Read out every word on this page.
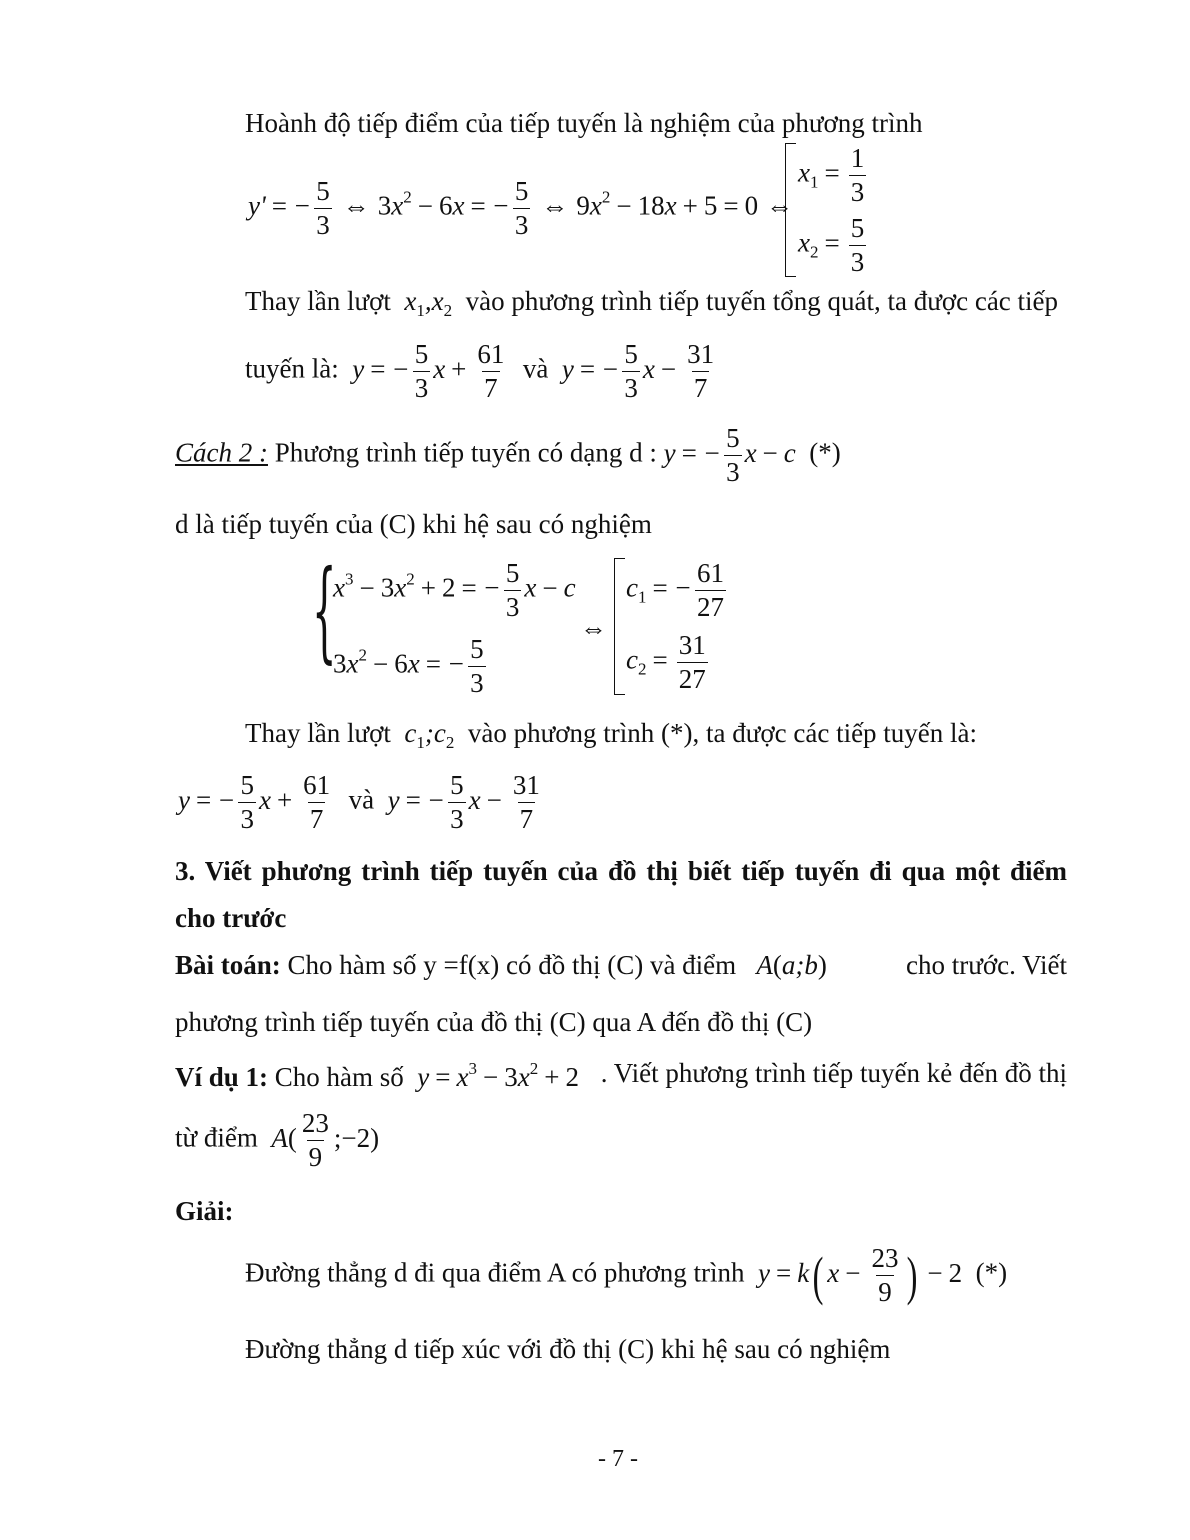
Hoành độ tiếp điểm của tiếp tuyến là nghiệm của phương trình
y' = − $\frac{5}{3}$ ⇔ $3x^2 - 6x$ = − $\frac{5}{3}$ ⇔ $9x^2 - 18x + 5 = 0$ ⇔
$x_1 = \frac{1}{3}$
$x_2 = \frac{5}{3}$
Thay lần lượt $x_1,x_2$ vào phương trình tiếp tuyến tổng quát, ta được các tiếp
tuyến là: y = − $\frac{5}{3}$ $x + \frac{61}{7}$ và y = − $\frac{5}{3}$ $x - \frac{31}{7}$
Cách 2 : Phương trình tiếp tuyến có dạng d : y = − $\frac{5}{3}$ x − c (*)
d là tiếp tuyến của (C) khi hệ sau có nghiệm
{
$x^3 - 3x^2 + 2$ = − $\frac{5}{3}$ x − c
$3x^2 - 6x$ = − $\frac{5}{3}$
⇔
$c_1$ = − $\frac{61}{27}$
$c_2 = \frac{31}{27}$
Thay lần lượt $c_1;c_2$ vào phương trình (*), ta được các tiếp tuyến là:
y = − $\frac{5}{3}$ $x + \frac{61}{7}$ và y = − $\frac{5}{3}$ $x - \frac{31}{7}$
3. Viết phương trình tiếp tuyến của đồ thị biết tiếp tuyến đi qua một điểm
cho trước
Bài toán: Cho hàm số y =f(x) có đồ thị (C) và điểm A(a;b)	cho trước. Viết
phương trình tiếp tuyến của đồ thị (C) qua A đến đồ thị (C)
Ví dụ 1: Cho hàm số $y = x^3 - 3x^2 + 2$ . Viết phương trình tiếp tuyến kẻ đến đồ thị
từ điểm $A( \frac{23}{9}$ ;−2)
Giải:
Đường thẳng d đi qua điểm A có phương trình y = k( $x - \frac{23}{9}$ ) − 2 (*)
Đường thẳng d tiếp xúc với đồ thị (C) khi hệ sau có nghiệm
- 7 -
